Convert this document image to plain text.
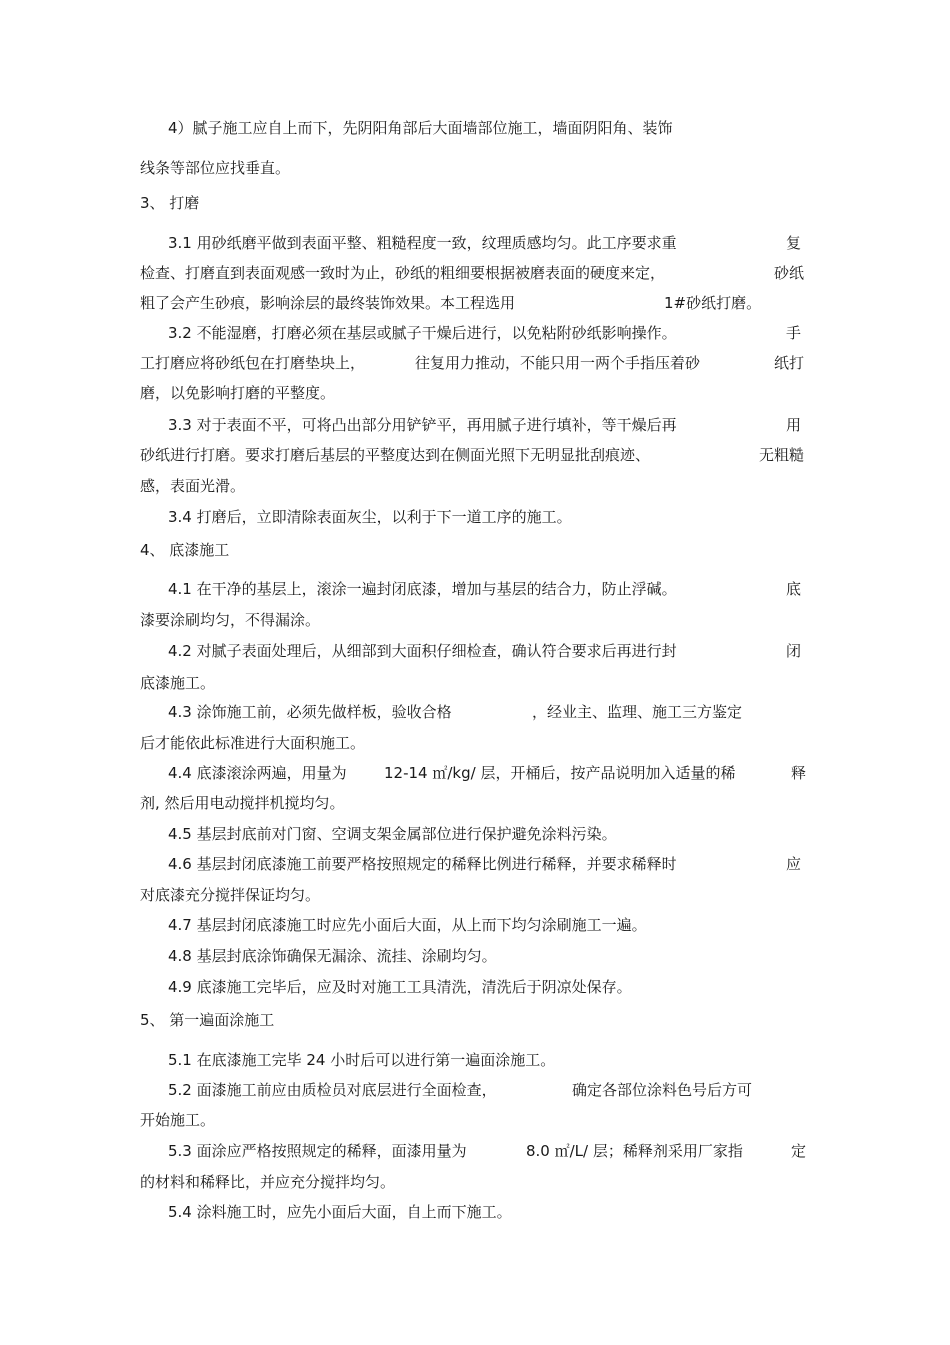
4）腻子施工应自上而下，先阴阳角部后大面墙部位施工，墙面阴阳角、装饰
线条等部位应找垂直。
3、 打磨
3.1 用砂纸磨平做到表面平整、粗糙程度一致，纹理质感均匀。此工序要求重	复
检查、打磨直到表面观感一致时为止，砂纸的粗细要根据被磨表面的硬度来定，	砂纸
粗了会产生砂痕，影响涂层的最终装饰效果。本工程选用	1#砂纸打磨。
3.2 不能湿磨，打磨必须在基层或腻子干燥后进行，以免粘附砂纸影响操作。	手
工打磨应将砂纸包在打磨垫块上，	往复用力推动，不能只用一两个手指压着砂	纸打
磨，以免影响打磨的平整度。
3.3 对于表面不平，可将凸出部分用铲铲平，再用腻子进行填补，等干燥后再	用
砂纸进行打磨。要求打磨后基层的平整度达到在侧面光照下无明显批刮痕迹、	无粗糙
感，表面光滑。
3.4 打磨后，立即清除表面灰尘，以利于下一道工序的施工。
4、 底漆施工
4.1 在干净的基层上，滚涂一遍封闭底漆，增加与基层的结合力，防止浮碱。	底
漆要涂刷均匀，不得漏涂。
4.2 对腻子表面处理后，从细部到大面积仔细检查，确认符合要求后再进行封	闭
底漆施工。
4.3 涂饰施工前，必须先做样板，验收合格	，经业主、监理、施工三方鉴定
后才能依此标准进行大面积施工。
4.4 底漆滚涂两遍，用量为 12-14 ㎡/kg/ 层，开桶后，按产品说明加入适量的稀	释
剂, 然后用电动搅拌机搅均匀。
4.5 基层封底前对门窗、空调支架金属部位进行保护避免涂料污染。
4.6 基层封闭底漆施工前要严格按照规定的稀释比例进行稀释，并要求稀释时	应
对底漆充分搅拌保证均匀。
4.7 基层封闭底漆施工时应先小面后大面，从上而下均匀涂刷施工一遍。
4.8 基层封底涂饰确保无漏涂、流挂、涂刷均匀。
4.9 底漆施工完毕后，应及时对施工工具清洗，清洗后于阴凉处保存。
5、 第一遍面涂施工
5.1 在底漆施工完毕 24 小时后可以进行第一遍面涂施工。
5.2 面漆施工前应由质检员对底层进行全面检查，	确定各部位涂料色号后方可
开始施工。
5.3 面涂应严格按照规定的稀释，面漆用量为	8.0 ㎡/L/ 层；稀释剂采用厂家指	定
的材料和稀释比，并应充分搅拌均匀。
5.4 涂料施工时，应先小面后大面，自上而下施工。
